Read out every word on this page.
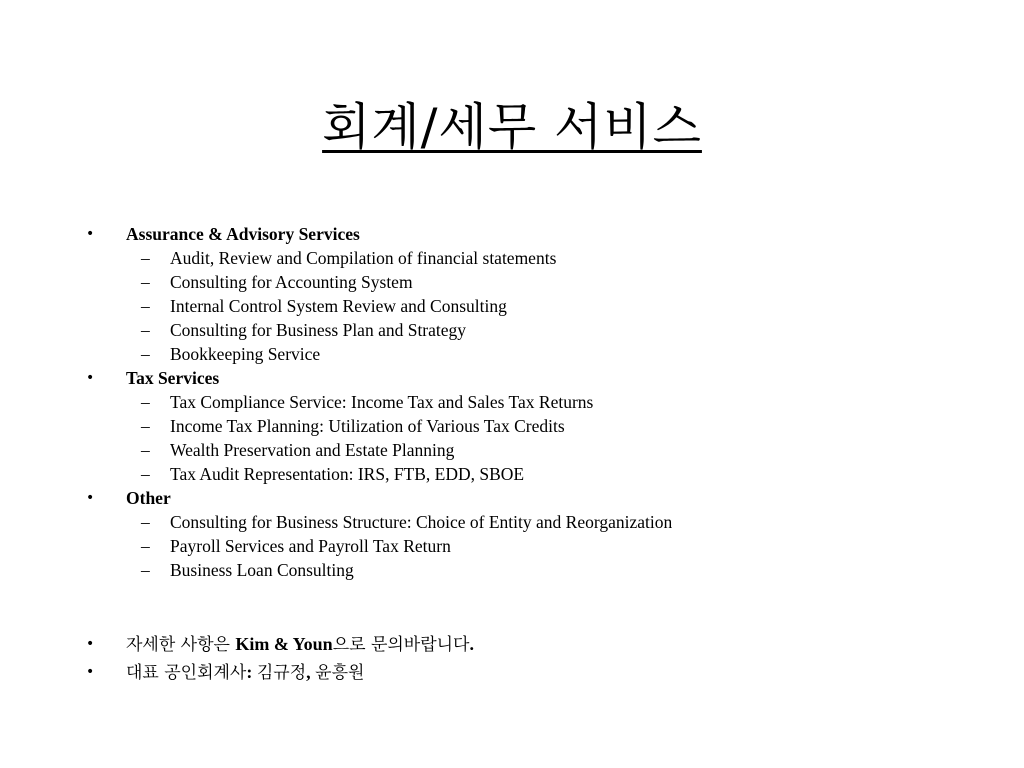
회계/세무 서비스
• Assurance & Advisory Services
– Audit, Review and Compilation of financial statements
– Consulting for Accounting System
– Internal Control System Review and Consulting
– Consulting for Business Plan and Strategy
– Bookkeeping Service
• Tax Services
– Tax Compliance Service: Income Tax and Sales Tax Returns
– Income Tax Planning: Utilization of Various Tax Credits
– Wealth Preservation and Estate Planning
– Tax Audit Representation: IRS, FTB, EDD, SBOE
• Other
– Consulting for Business Structure: Choice of Entity and Reorganization
– Payroll Services and Payroll Tax Return
– Business Loan Consulting
• 자세한 사항은 Kim & Youn으로 문의바랍니다.
• 대표 공인회계사: 김규정, 윤흥원
